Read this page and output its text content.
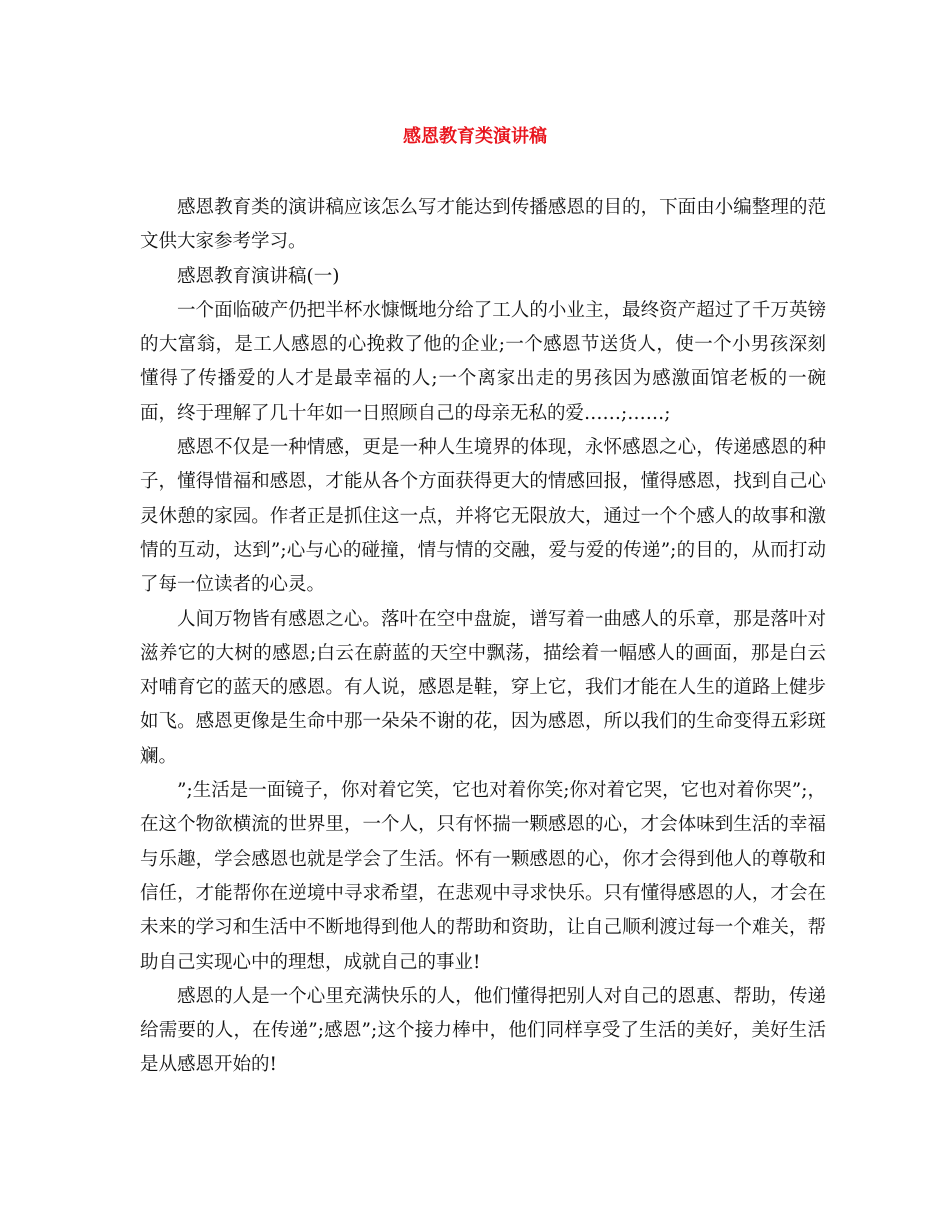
感恩教育类演讲稿

感恩教育类的演讲稿应该怎么写才能达到传播感恩的目的，下面由小编整理的范文供大家参考学习。

感恩教育演讲稿(一)

一个面临破产仍把半杯水慷慨地分给了工人的小业主，最终资产超过了千万英镑的大富翁，是工人感恩的心挽救了他的企业;一个感恩节送货人，使一个小男孩深刻懂得了传播爱的人才是最幸福的人;一个离家出走的男孩因为感激面馆老板的一碗面，终于理解了几十年如一日照顾自己的母亲无私的爱……;……;

感恩不仅是一种情感，更是一种人生境界的体现，永怀感恩之心，传递感恩的种子，懂得惜福和感恩，才能从各个方面获得更大的情感回报，懂得感恩，找到自己心灵休憩的家园。作者正是抓住这一点，并将它无限放大，通过一个个感人的故事和激情的互动，达到”;心与心的碰撞，情与情的交融，爱与爱的传递”;的目的，从而打动了每一位读者的心灵。

人间万物皆有感恩之心。落叶在空中盘旋，谱写着一曲感人的乐章，那是落叶对滋养它的大树的感恩;白云在蔚蓝的天空中飘荡，描绘着一幅感人的画面，那是白云对哺育它的蓝天的感恩。有人说，感恩是鞋，穿上它，我们才能在人生的道路上健步如飞。感恩更像是生命中那一朵朵不谢的花，因为感恩，所以我们的生命变得五彩斑斓。

”;生活是一面镜子，你对着它笑，它也对着你笑;你对着它哭，它也对着你哭”;，在这个物欲横流的世界里，一个人，只有怀揣一颗感恩的心，才会体味到生活的幸福与乐趣，学会感恩也就是学会了生活。怀有一颗感恩的心，你才会得到他人的尊敬和信任，才能帮你在逆境中寻求希望，在悲观中寻求快乐。只有懂得感恩的人，才会在未来的学习和生活中不断地得到他人的帮助和资助，让自己顺利渡过每一个难关，帮助自己实现心中的理想，成就自己的事业!

感恩的人是一个心里充满快乐的人，他们懂得把别人对自己的恩惠、帮助，传递给需要的人，在传递”;感恩”;这个接力棒中，他们同样享受了生活的美好，美好生活是从感恩开始的!
